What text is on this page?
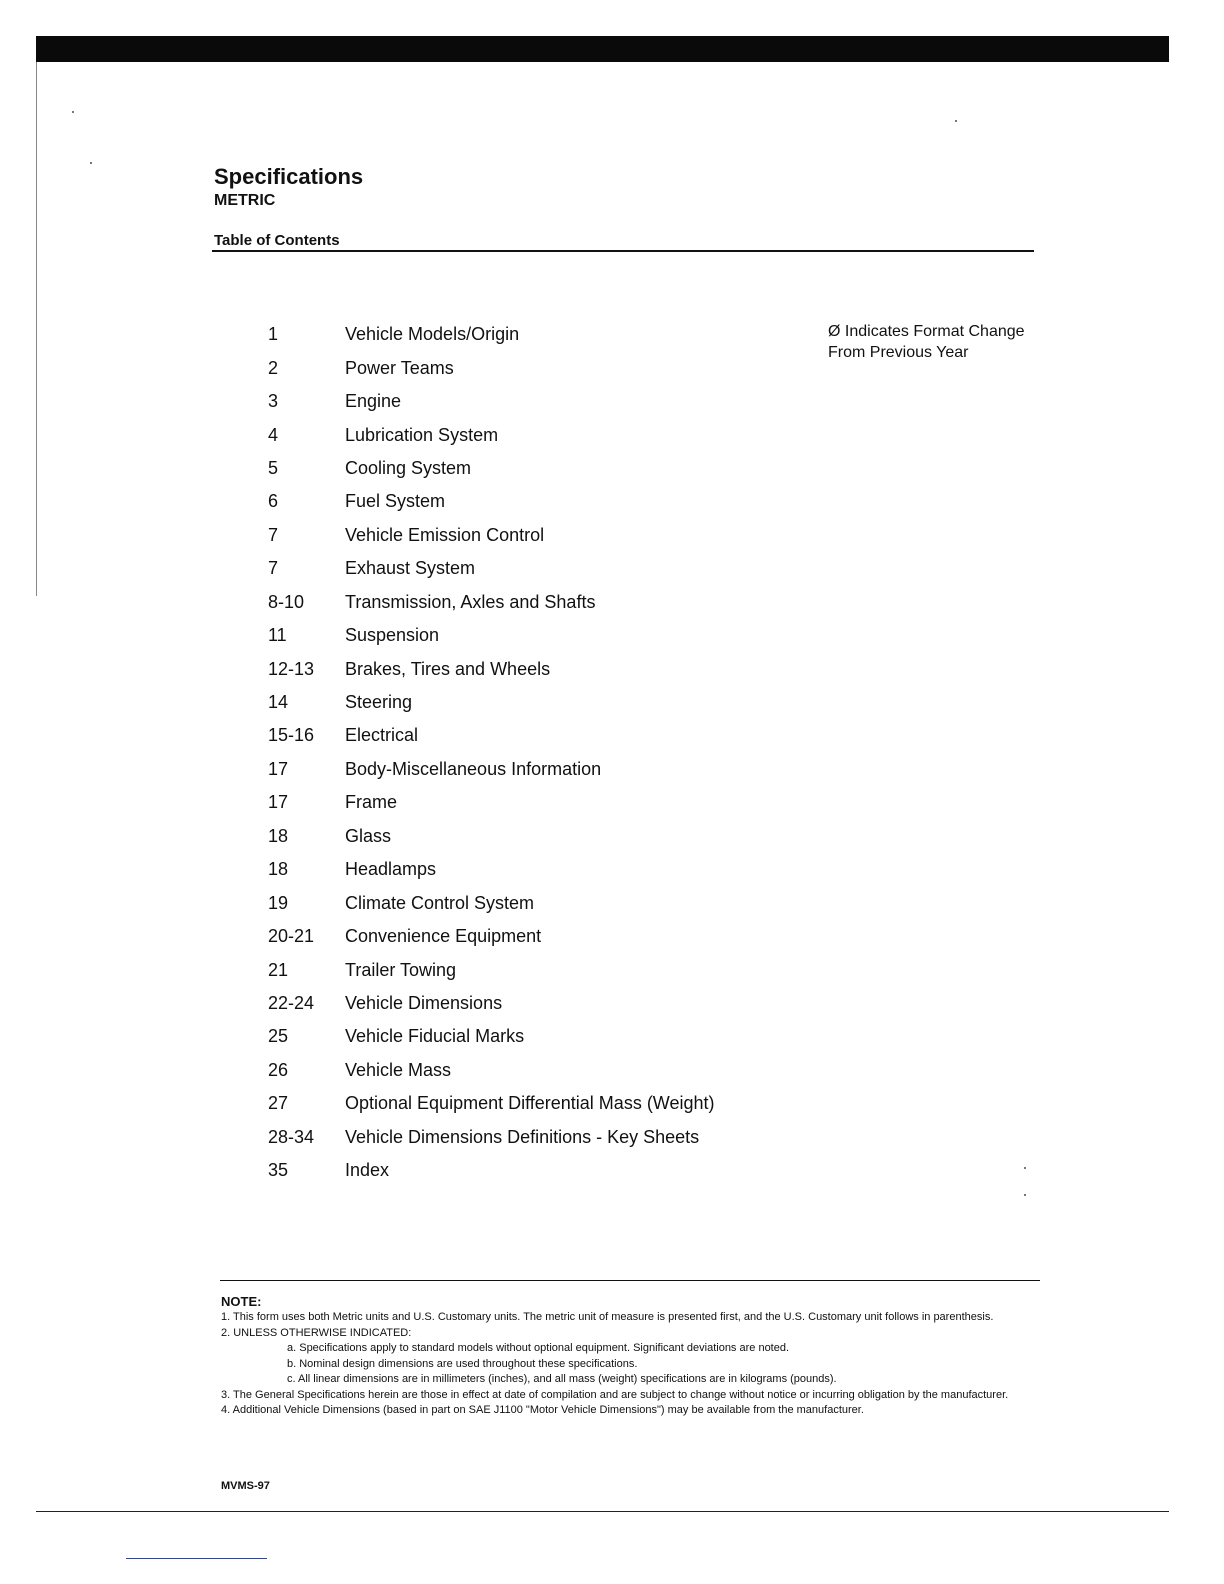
Specifications
METRIC
Table of Contents
1	Vehicle Models/Origin
2	Power Teams
3	Engine
4	Lubrication System
5	Cooling System
6	Fuel System
7	Vehicle Emission Control
7	Exhaust System
8-10	Transmission, Axles and Shafts
11	Suspension
12-13	Brakes, Tires and Wheels
14	Steering
15-16	Electrical
17	Body-Miscellaneous Information
17	Frame
18	Glass
18	Headlamps
19	Climate Control System
20-21	Convenience Equipment
21	Trailer Towing
22-24	Vehicle Dimensions
25	Vehicle Fiducial Marks
26	Vehicle Mass
27	Optional Equipment Differential Mass (Weight)
28-34	Vehicle Dimensions Definitions - Key Sheets
35	Index
Ø Indicates Format Change
From Previous Year
NOTE:
1. This form uses both Metric units and U.S. Customary units. The metric unit of measure is presented first, and the U.S. Customary unit follows in parenthesis.
2. UNLESS OTHERWISE INDICATED:
a. Specifications apply to standard models without optional equipment. Significant deviations are noted.
b. Nominal design dimensions are used throughout these specifications.
c. All linear dimensions are in millimeters (inches), and all mass (weight) specifications are in kilograms (pounds).
3. The General Specifications herein are those in effect at date of compilation and are subject to change without notice or incurring obligation by the manufacturer.
4. Additional Vehicle Dimensions (based in part on SAE J1100 "Motor Vehicle Dimensions") may be available from the manufacturer.
MVMS-97
